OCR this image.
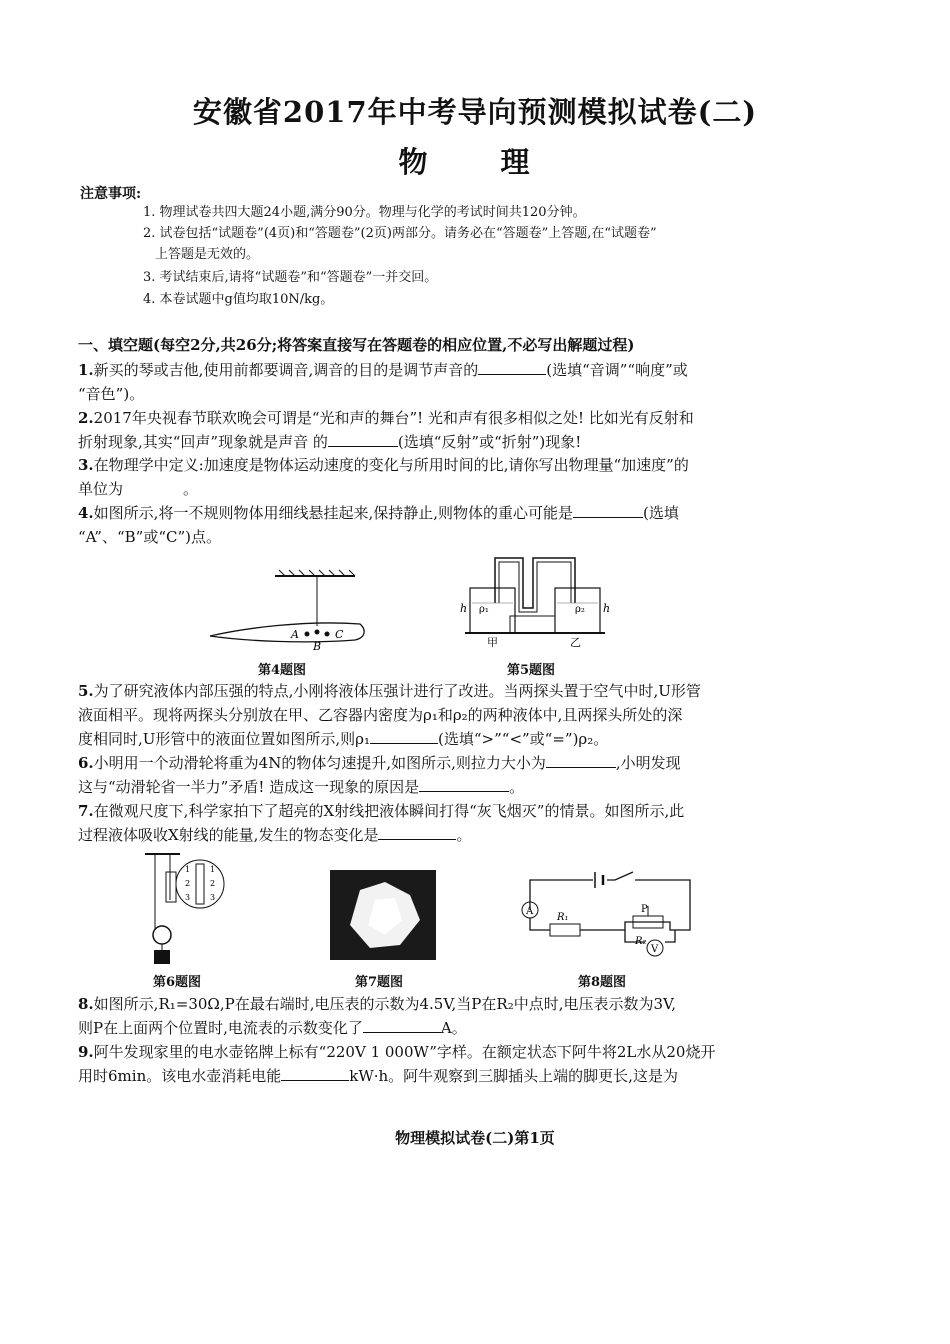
安徽省2017年中考导向预测模拟试卷(二)
物　理
注意事项:
1. 物理试卷共四大题24小题,满分90分。物理与化学的考试时间共120分钟。
2. 试卷包括“试题卷”(4页)和“答题卷”(2页)两部分。请务必在“答题卷”上答题,在“试题卷”
上答题是无效的。
3. 考试结束后,请将“试题卷”和“答题卷”一并交回。
4. 本卷试题中g值均取10N/kg。
一、填空题(每空2分,共26分;将答案直接写在答题卷的相应位置,不必写出解题过程)
1.新买的琴或吉他,使用前都要调音,调音的目的是调节声音的	(选填“音调”“响度”或
“音色”)。
2.2017年央视春节联欢晚会可谓是“光和声的舞台”! 光和声有很多相似之处! 比如光有反射和
折射现象,其实“回声”现象就是声音 的	(选填“反射”或“折射”)现象!
3.在物理学中定义:加速度是物体运动速度的变化与所用时间的比,请你写出物理量“加速度”的
单位为	。
4.如图所示,将一不规则物体用细线悬挂起来,保持静止,则物体的重心可能是	(选填
“A”、“B”或“C”)点。
A
B
C
第4题图
h ρ₁	ρ₂ h
甲	乙
第5题图
5.为了研究液体内部压强的特点,小刚将液体压强计进行了改进。当两探头置于空气中时,U形管
液面相平。现将两探头分别放在甲、乙容器内密度为ρ₁和ρ₂的两种液体中,且两探头所处的深
度相同时,U形管中的液面位置如图所示,则ρ₁	(选填“>”“<”或“=”)ρ₂。
6.小明用一个动滑轮将重为4N的物体匀速提升,如图所示,则拉力大小为	,小明发现
这与“动滑轮省一半力”矛盾! 造成这一现象的原因是	。
7.在微观尺度下,科学家拍下了超亮的X射线把液体瞬间打得“灰飞烟灭”的情景。如图所示,此
过程液体吸收X射线的能量,发生的物态变化是	。
1
2
3
1
2
3
第6题图	第7题图
A
R₁
P
R₂
V
第8题图
8.如图所示,R₁=30Ω,P在最右端时,电压表的示数为4.5V,当P在R₂中点时,电压表示数为3V,
则P在上面两个位置时,电流表的示数变化了	A。
9.阿牛发现家里的电水壶铭牌上标有“220V 1 000W”字样。在额定状态下阿牛将2L水从20烧开
用时6min。该电水壶消耗电能	kW·h。阿牛观察到三脚插头上端的脚更长,这是为
物理模拟试卷(二)第1页
